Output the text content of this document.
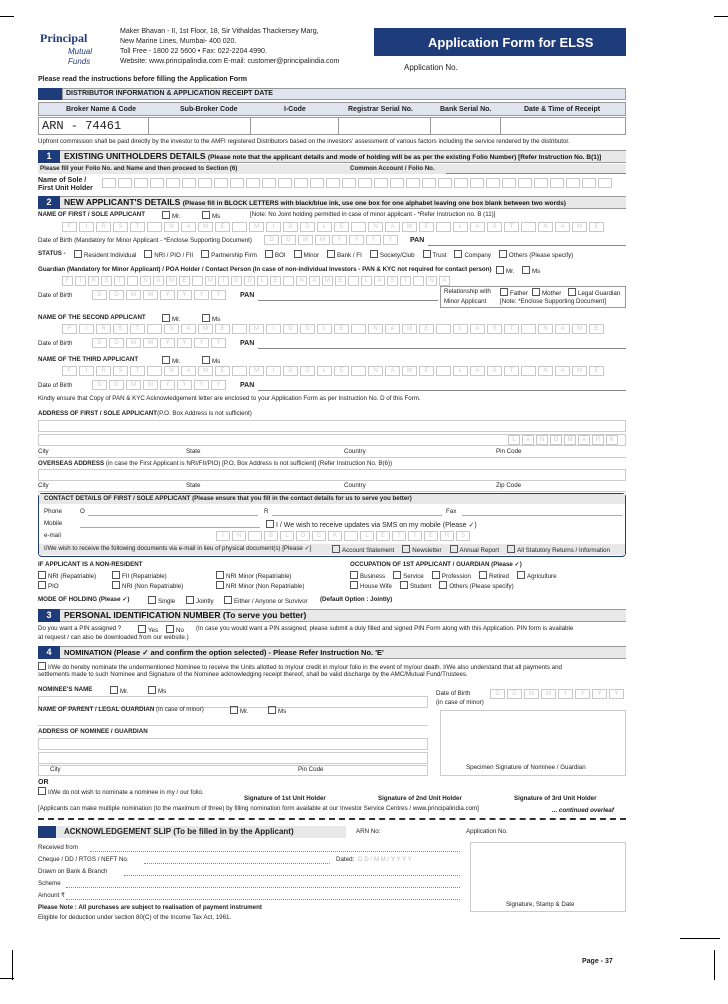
Principal
Mutual
Funds
Maker Bhavan - II, 1st Floor, 18, Sir Vithaldas Thackersey Marg,
New Marine Lines, Mumbai- 400 020.
Toll Free - 1800 22 5600 • Fax: 022-2204 4990.
Website: www.principalindia.com E-mail: customer@principalindia.com
Application Form for ELSS
Application No.
Please read the instructions before filling the Application Form
DISTRIBUTOR INFORMATION & APPLICATION RECEIPT DATE
Broker Name & Code	Sub-Broker Code	I-Code	Registrar Serial No.	Bank Serial No.	Date & Time of Receipt
ARN - 74461
Upfront commission shall be paid directly by the investor to the AMFI registered Distributors based on the investors' assessment of various factors including the service rendered by the distributor.
1	EXISTING UNITHOLDERS DETAILS (Please note that the applicant details and mode of holding will be as per the existing Folio Number) [Refer Instruction No. B(1)]
Please fill your Folio No. and Name and then proceed to Section (6)	Common Account / Folio No.
Name of Sole /
First Unit Holder
2	NEW APPLICANT'S DETAILS (Please fill in BLOCK LETTERS with black/blue ink, use one box for one alphabet leaving one box blank between two words)
NAME OF FIRST / SOLE APPLICANT	Mr.	Ms	[Note: No Joint holding permitted in case of minor applicant - *Refer Instruction no. B (11)]
F	I	R	S	T	N	A	M	E	M	I	D	D	L	E	N	A	M	E	L	A	S	T	N	A	M	E
Date of Birth (Mandatory for Minor Applicant - *Enclose Supporting Document)	D	D	M	M	Y	Y	Y	Y	PAN
STATUS -	Resident Individual	NRI / PIO / FII	Partnership Firm	BOI	Minor	Bank / FI	Society/Club	Trust	Company	Others (Please specify)
Guardian (Mandatory for Minor Applicant) / POA Holder / Contact Person (In case of non-individual Investors - PAN & KYC not required for contact person)	Mr.	Ms
F	I	R	S	T	N	A	M	E	M	I	D	D	L	E	N	A	M	E	L	A	S	T	N	A
Date of Birth	D	D	M	M	Y	Y	Y	Y	PAN
Relationship with
Minor Applicant
Father	Mother	Legal Guardian
[Note: *Enclose Supporting Document]
NAME OF THE SECOND APPLICANT	Mr.	Ms
F	I	R	S	T	N	A	M	E	M	I	D	D	L	E	N	A	M	E	L	A	S	T	N	A	M	E
Date of Birth	D	D	M	M	Y	Y	Y	Y	PAN
NAME OF THE THIRD APPLICANT	Mr.	Ms
F	I	R	S	T	N	A	M	E	M	I	D	D	L	E	N	A	M	E	L	A	S	T	N	A	M	E
Date of Birth	D	D	M	M	Y	Y	Y	Y	PAN
Kindly ensure that Copy of PAN & KYC Acknowledgement letter are enclosed to your Application Form as per Instruction No. D of this Form.
ADDRESS OF FIRST / SOLE APPLICANT(P.O. Box Address is not sufficient)
L	A	N	D	M	A	R	K
City	State	Country	Pin Code
OVERSEAS ADDRESS (in case the First Applicant is NRI/FII/PIO) [P.O. Box Address is not sufficient] (Refer Instruction No. B(6))
City	State	Country	Zip Code
CONTACT DETAILS OF FIRST / SOLE APPLICANT (Please ensure that you fill in the contact details for us to serve you better)
Phone	O	R	Fax
Mobile	I / We wish to receive updates via SMS on my mobile (Please ✓)
e-mail	I	N	B	L	O	C	K	L	E	T	T	E	R	S
I/We wish to receive the following documents via e-mail in lieu of physical document(s) [Please ✓]	Account Statement	Newsletter	Annual Report	All Statutory Returns / Information
IF APPLICANT IS A NON-RESIDENT
NRI (Repatriable)	FII (Repatriable)	NRI Minor (Repatriable)
PIO	NRI (Non Repatriable)	NRI Minor (Non Repatriable)
OCCUPATION OF 1ST APPLICANT / GUARDIAN (Please ✓)
Business	Service	Profession	Retired	Agriculture
House Wife	Student	Others (Please specify)
MODE OF HOLDING (Please ✓)	Single	Jointly	Either / Anyone or Survivor (Default Option : Jointly)
3	PERSONAL IDENTIFICATION NUMBER (To serve you better)
Do you want a PIN assigned ?	Yes	No (In case you would want a PIN assigned; please submit a duly filled and signed PIN Form along with this Application. PIN form is available
at request / can also be downloaded from our website.)
4	NOMINATION (Please ✓ and confirm the option selected) - Please Refer Instruction No. 'E'
I/We do hereby nominate the undermentioned Nominee to receive the Units allotted to my/our credit in my/our folio in the event of my/our death. I/We also understand that all payments and
settlements made to such Nominee and Signature of the Nominee acknowledging receipt thereof, shall be valid discharge by the AMC/Mutual Fund/Trustees.
NOMINEE'S NAME	Mr.	Ms	Date of Birth
(in case of minor)
D	D	M	M	Y	Y	Y	Y
NAME OF PARENT / LEGAL GUARDIAN (in case of minor)	Mr.	Ms
ADDRESS OF NOMINEE / GUARDIAN
City	Pin Code	Specimen Signature of Nominee / Guardian
OR
I/We do not wish to nominate a nominee in my / our folio.
Signature of 1st Unit Holder	Signature of 2nd Unit Holder	Signature of 3rd Unit Holder
[Applicants can make multiple nomination (to the maximum of three) by filling nomination form available at our Investor Service Centres / www.principalindia.com]	... continued overleaf
ACKNOWLEDGEMENT SLIP (To be filled in by the Applicant)	ARN No:	Application No.
Received from
Cheque / DD / RTGS / NEFT No.	Dated: D D / M M / Y Y Y Y
Drawn on Bank & Branch
Scheme
Amount ₹
Please Note : All purchases are subject to realisation of payment instrument
Eligible for deduction under section 80(C) of the Income Tax Act, 1961.
Signature, Stamp & Date
Page - 37
